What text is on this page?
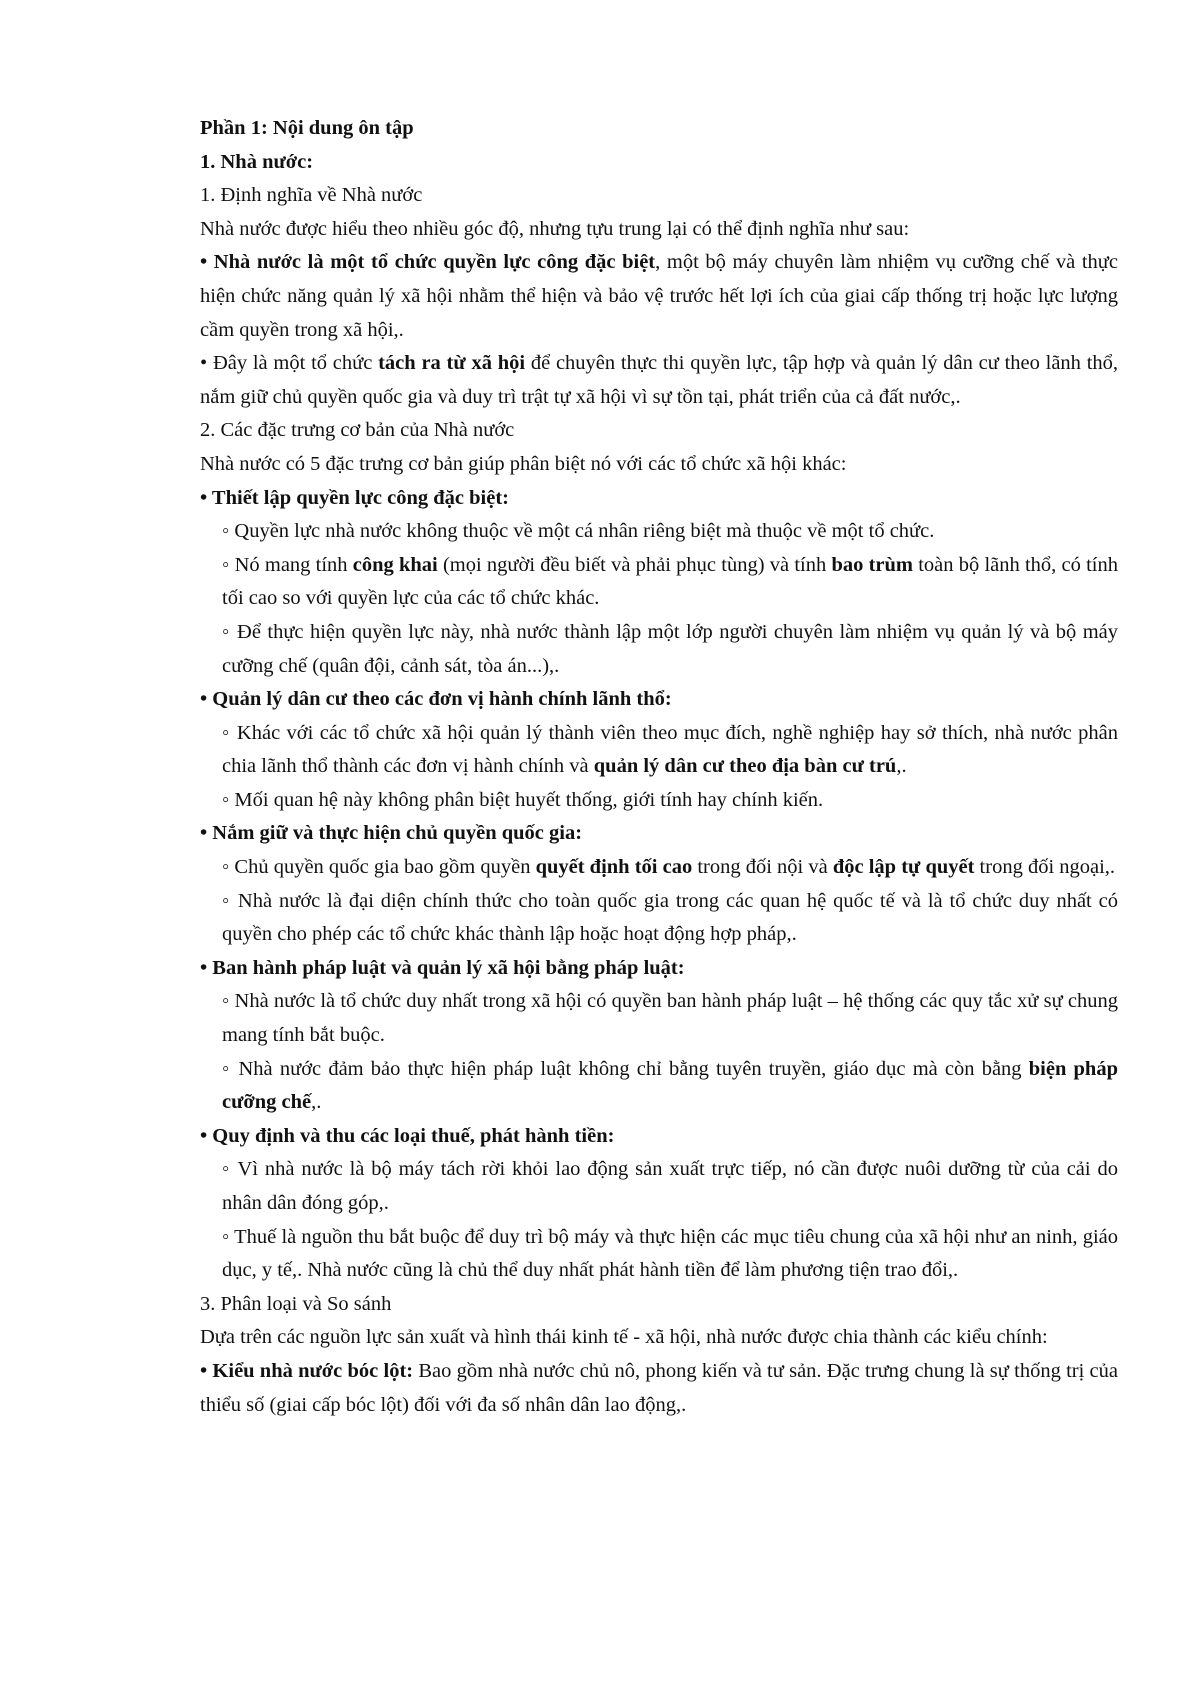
Phần 1: Nội dung ôn tập

1. Nhà nước:

1. Định nghĩa về Nhà nước

Nhà nước được hiểu theo nhiều góc độ, nhưng tựu trung lại có thể định nghĩa như sau:

• Nhà nước là một tổ chức quyền lực công đặc biệt, một bộ máy chuyên làm nhiệm vụ cưỡng chế và thực hiện chức năng quản lý xã hội nhằm thể hiện và bảo vệ trước hết lợi ích của giai cấp thống trị hoặc lực lượng cầm quyền trong xã hội,.

• Đây là một tổ chức tách ra từ xã hội để chuyên thực thi quyền lực, tập hợp và quản lý dân cư theo lãnh thổ, nắm giữ chủ quyền quốc gia và duy trì trật tự xã hội vì sự tồn tại, phát triển của cả đất nước,.

2. Các đặc trưng cơ bản của Nhà nước

Nhà nước có 5 đặc trưng cơ bản giúp phân biệt nó với các tổ chức xã hội khác:

• Thiết lập quyền lực công đặc biệt:

◦ Quyền lực nhà nước không thuộc về một cá nhân riêng biệt mà thuộc về một tổ chức.

◦ Nó mang tính công khai (mọi người đều biết và phải phục tùng) và tính bao trùm toàn bộ lãnh thổ, có tính tối cao so với quyền lực của các tổ chức khác.

◦ Để thực hiện quyền lực này, nhà nước thành lập một lớp người chuyên làm nhiệm vụ quản lý và bộ máy cưỡng chế (quân đội, cảnh sát, tòa án...),.

• Quản lý dân cư theo các đơn vị hành chính lãnh thổ:

◦ Khác với các tổ chức xã hội quản lý thành viên theo mục đích, nghề nghiệp hay sở thích, nhà nước phân chia lãnh thổ thành các đơn vị hành chính và quản lý dân cư theo địa bàn cư trú,.

◦ Mối quan hệ này không phân biệt huyết thống, giới tính hay chính kiến.

• Nắm giữ và thực hiện chủ quyền quốc gia:

◦ Chủ quyền quốc gia bao gồm quyền quyết định tối cao trong đối nội và độc lập tự quyết trong đối ngoại,.

◦ Nhà nước là đại diện chính thức cho toàn quốc gia trong các quan hệ quốc tế và là tổ chức duy nhất có quyền cho phép các tổ chức khác thành lập hoặc hoạt động hợp pháp,.

• Ban hành pháp luật và quản lý xã hội bằng pháp luật:

◦ Nhà nước là tổ chức duy nhất trong xã hội có quyền ban hành pháp luật – hệ thống các quy tắc xử sự chung mang tính bắt buộc.

◦ Nhà nước đảm bảo thực hiện pháp luật không chỉ bằng tuyên truyền, giáo dục mà còn bằng biện pháp cưỡng chế,.

• Quy định và thu các loại thuế, phát hành tiền:

◦ Vì nhà nước là bộ máy tách rời khỏi lao động sản xuất trực tiếp, nó cần được nuôi dưỡng từ của cải do nhân dân đóng góp,.

◦ Thuế là nguồn thu bắt buộc để duy trì bộ máy và thực hiện các mục tiêu chung của xã hội như an ninh, giáo dục, y tế,. Nhà nước cũng là chủ thể duy nhất phát hành tiền để làm phương tiện trao đổi,.

3. Phân loại và So sánh

Dựa trên các nguồn lực sản xuất và hình thái kinh tế - xã hội, nhà nước được chia thành các kiểu chính:

• Kiểu nhà nước bóc lột: Bao gồm nhà nước chủ nô, phong kiến và tư sản. Đặc trưng chung là sự thống trị của thiểu số (giai cấp bóc lột) đối với đa số nhân dân lao động,.
